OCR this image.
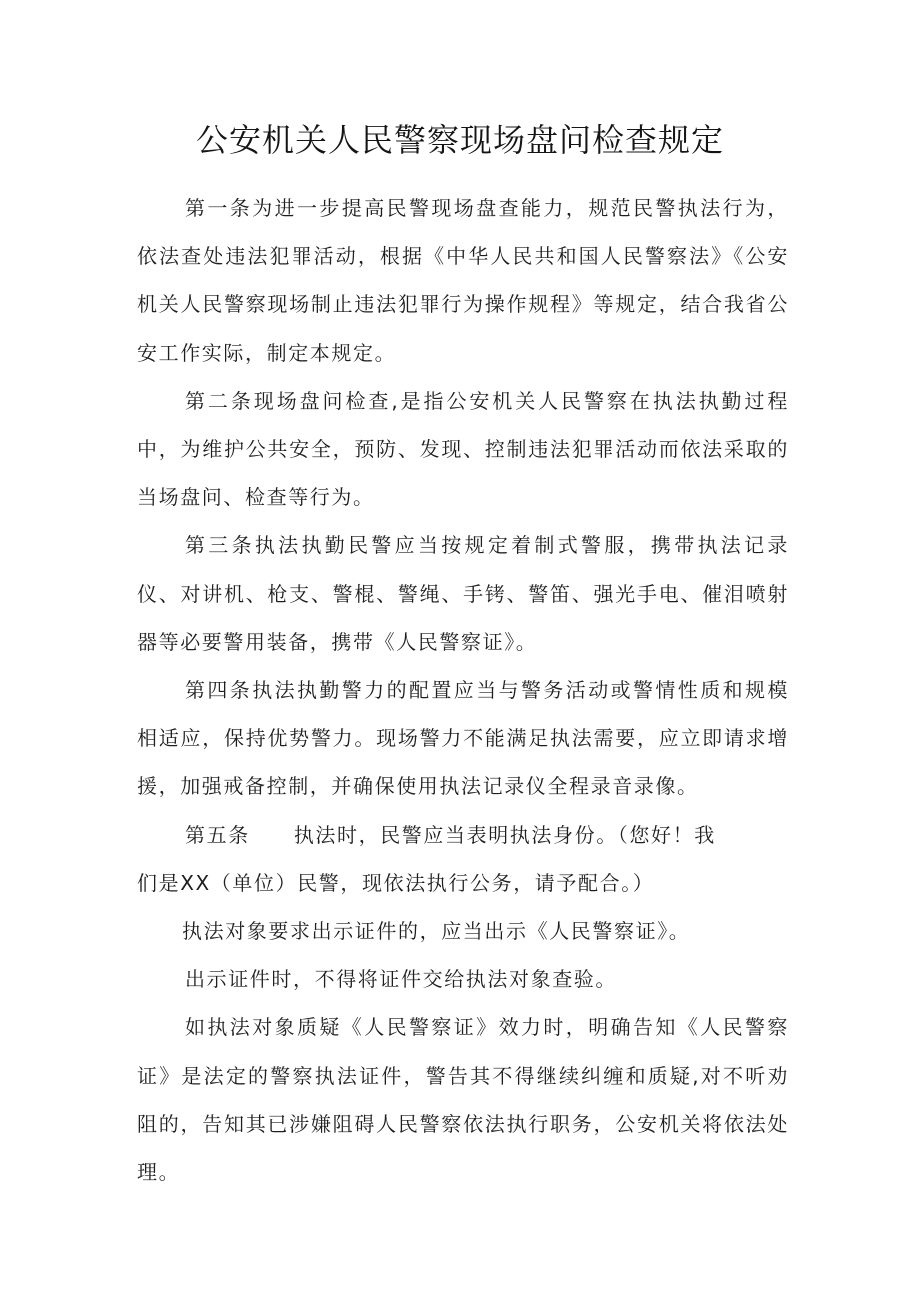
公安机关人民警察现场盘问检查规定

第一条为进一步提高民警现场盘查能力，规范民警执法行为，依法查处违法犯罪活动，根据《中华人民共和国人民警察法》《公安机关人民警察现场制止违法犯罪行为操作规程》等规定，结合我省公安工作实际，制定本规定。

第二条现场盘问检查,是指公安机关人民警察在执法执勤过程中，为维护公共安全，预防、发现、控制违法犯罪活动而依法采取的当场盘问、检查等行为。

第三条执法执勤民警应当按规定着制式警服，携带执法记录仪、对讲机、枪支、警棍、警绳、手铐、警笛、强光手电、催泪喷射器等必要警用装备，携带《人民警察证》。

第四条执法执勤警力的配置应当与警务活动或警情性质和规模相适应，保持优势警力。现场警力不能满足执法需要，应立即请求增援，加强戒备控制，并确保使用执法记录仪全程录音录像。

第五条 执法时，民警应当表明执法身份。（您好！我

们是XX（单位）民警，现依法执行公务，请予配合。）

执法对象要求出示证件的，应当出示《人民警察证》。

出示证件时，不得将证件交给执法对象查验。

如执法对象质疑《人民警察证》效力时，明确告知《人民警察证》是法定的警察执法证件，警告其不得继续纠缠和质疑,对不听劝阻的，告知其已涉嫌阻碍人民警察依法执行职务，公安机关将依法处理。
